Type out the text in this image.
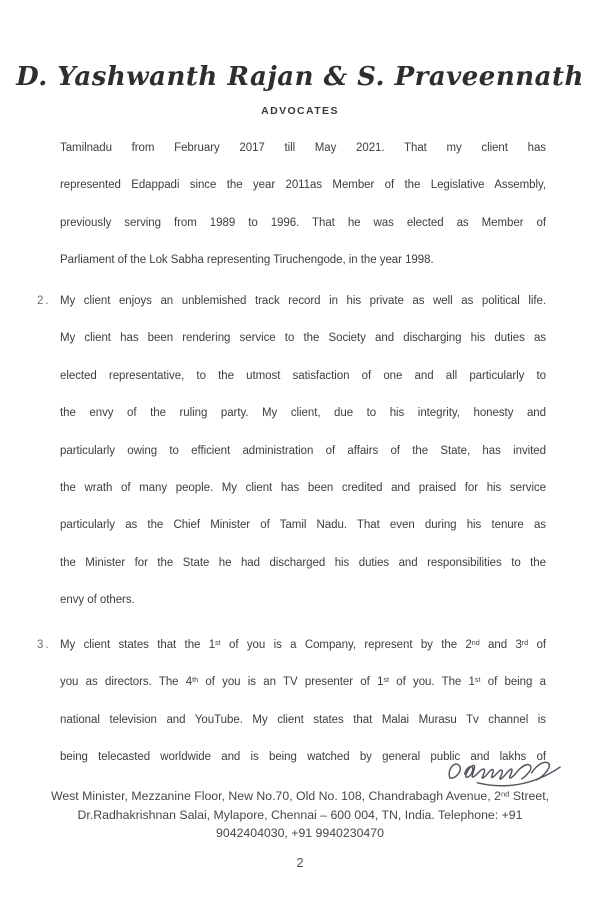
D. Yashwanth Rajan & S. Praveennath
ADVOCATES
Tamilnadu from February 2017 till May 2021. That my client has
represented Edappadi since the year 2011as Member of the Legislative Assembly,
previously serving from 1989 to 1996. That he was elected as Member of
Parliament of the Lok Sabha representing Tiruchengode, in the year 1998.
2. My client enjoys an unblemished track record in his private as well as political life.
My client has been rendering service to the Society and discharging his duties as
elected representative, to the utmost satisfaction of one and all particularly to
the envy of the ruling party. My client, due to his integrity, honesty and
particularly owing to efficient administration of affairs of the State, has invited
the wrath of many people. My client has been credited and praised for his service
particularly as the Chief Minister of Tamil Nadu. That even during his tenure as
the Minister for the State he had discharged his duties and responsibilities to the
envy of others.
3. My client states that the 1st of you is a Company, represent by the 2nd and 3rd of
you as directors. The 4th of you is an TV presenter of 1st of you. The 1st of being a
national television and YouTube. My client states that Malai Murasu Tv channel is
being telecasted worldwide and is being watched by general public and lakhs of
West Minister, Mezzanine Floor, New No.70, Old No. 108, Chandrabagh Avenue, 2nd Street,
Dr.Radhakrishnan Salai, Mylapore, Chennai – 600 004, TN, India. Telephone: +91
9042404030, +91 9940230470
2
